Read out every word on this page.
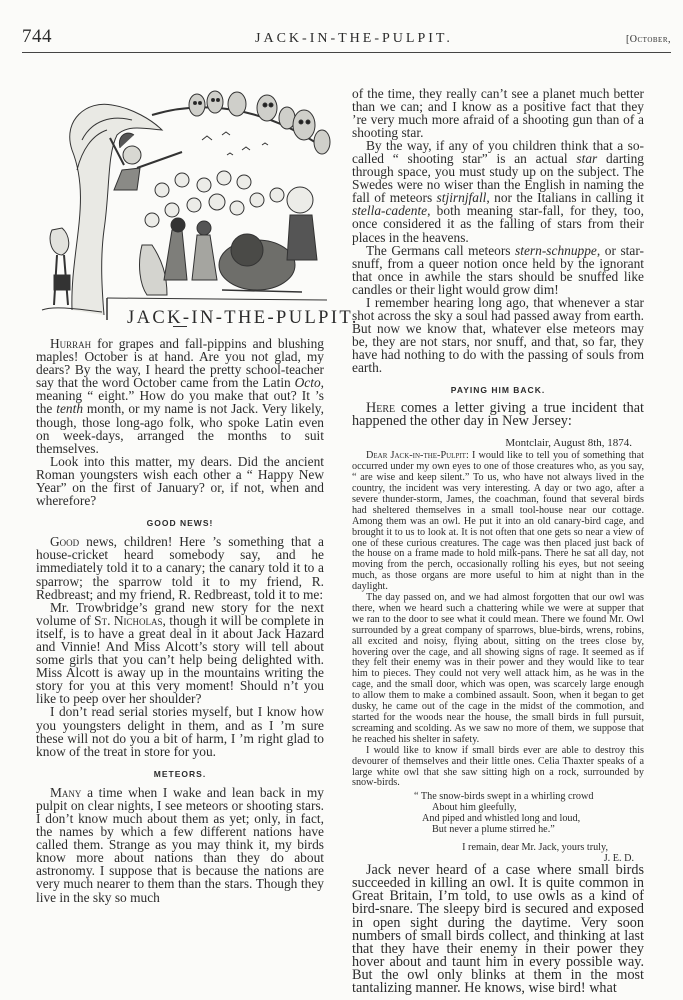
744	JACK-IN-THE-PULPIT.	[October,
JACK-IN-THE-PULPIT.

Hurrah for grapes and fall-pippins and blushing maples! October is at hand. Are you not glad, my dears? By the way, I heard the pretty school-teacher say that the word October came from the Latin Octo, meaning “ eight.” How do you make that out? It ’s the tenth month, or my name is not Jack. Very likely, though, those long-ago folk, who spoke Latin even on week-days, arranged the months to suit themselves.

Look into this matter, my dears. Did the ancient Roman youngsters wish each other a “ Happy New Year” on the first of January? or, if not, when and wherefore?

GOOD NEWS!

Good news, children! Here ’s something that a house-cricket heard somebody say, and he immediately told it to a canary; the canary told it to a sparrow; the sparrow told it to my friend, R. Redbreast; and my friend, R. Redbreast, told it to me:

Mr. Trowbridge’s grand new story for the next volume of St. Nicholas, though it will be complete in itself, is to have a great deal in it about Jack Hazard and Vinnie! And Miss Alcott’s story will tell about some girls that you can’t help being delighted with. Miss Alcott is away up in the mountains writing the story for you at this very moment! Should n’t you like to peep over her shoulder?

I don’t read serial stories myself, but I know how you youngsters delight in them, and as I ’m sure these will not do you a bit of harm, I ’m right glad to know of the treat in store for you.

METEORS.

Many a time when I wake and lean back in my pulpit on clear nights, I see meteors or shooting stars. I don’t know much about them as yet; only, in fact, the names by which a few different nations have called them. Strange as you may think it, my birds know more about nations than they do about astronomy. I suppose that is because the nations are very much nearer to them than the stars. Though they live in the sky so much

of the time, they really can’t see a planet much better than we can; and I know as a positive fact that they ’re very much more afraid of a shooting gun than of a shooting star.

By the way, if any of you children think that a so-called “ shooting star” is an actual star darting through space, you must study up on the subject. The Swedes were no wiser than the English in naming the fall of meteors stjirnjfall, nor the Italians in calling it stella-cadente, both meaning star-fall, for they, too, once considered it as the falling of stars from their places in the heavens.

The Germans call meteors stern-schnuppe, or star-snuff, from a queer notion once held by the ignorant that once in awhile the stars should be snuffed like candles or their light would grow dim!

I remember hearing long ago, that whenever a star shot across the sky a soul had passed away from earth. But now we know that, whatever else meteors may be, they are not stars, nor snuff, and that, so far, they have had nothing to do with the passing of souls from earth.

PAYING HIM BACK.

Here comes a letter giving a true incident that happened the other day in New Jersey:

Montclair, August 8th, 1874.

Dear Jack-in-the-Pulpit: I would like to tell you of something that occurred under my own eyes to one of those creatures who, as you say, “ are wise and keep silent.” To us, who have not always lived in the country, the incident was very interesting. A day or two ago, after a severe thunder-storm, James, the coachman, found that several birds had sheltered themselves in a small tool-house near our cottage. Among them was an owl. He put it into an old canary-bird cage, and brought it to us to look at. It is not often that one gets so near a view of one of these curious creatures. The cage was then placed just back of the house on a frame made to hold milk-pans. There he sat all day, not moving from the perch, occasionally rolling his eyes, but not seeing much, as those organs are more useful to him at night than in the daylight.

The day passed on, and we had almost forgotten that our owl was there, when we heard such a chattering while we were at supper that we ran to the door to see what it could mean. There we found Mr. Owl surrounded by a great company of sparrows, blue-birds, wrens, robins, all excited and noisy, flying about, sitting on the trees close by, hovering over the cage, and all showing signs of rage. It seemed as if they felt their enemy was in their power and they would like to tear him to pieces. They could not very well attack him, as he was in the cage, and the small door, which was open, was scarcely large enough to allow them to make a combined assault. Soon, when it began to get dusky, he came out of the cage in the midst of the commotion, and started for the woods near the house, the small birds in full pursuit, screaming and scolding. As we saw no more of them, we suppose that he reached his shelter in safety.

I would like to know if small birds ever are able to destroy this devourer of themselves and their little ones. Celia Thaxter speaks of a large white owl that she saw sitting high on a rock, surrounded by snow-birds.

“ The snow-birds swept in a whirling crowd
About him gleefully,
And piped and whistled long and loud,
But never a plume stirred he.”
I remain, dear Mr. Jack, yours truly,
J. E. D.

Jack never heard of a case where small birds succeeded in killing an owl. It is quite common in Great Britain, I’m told, to use owls as a kind of bird-snare. The sleepy bird is secured and exposed in open sight during the daytime. Very soon numbers of small birds collect, and thinking at last that they have their enemy in their power they hover about and taunt him in every possible way. But the owl only blinks at them in the most tantalizing manner. He knows, wise bird! what
